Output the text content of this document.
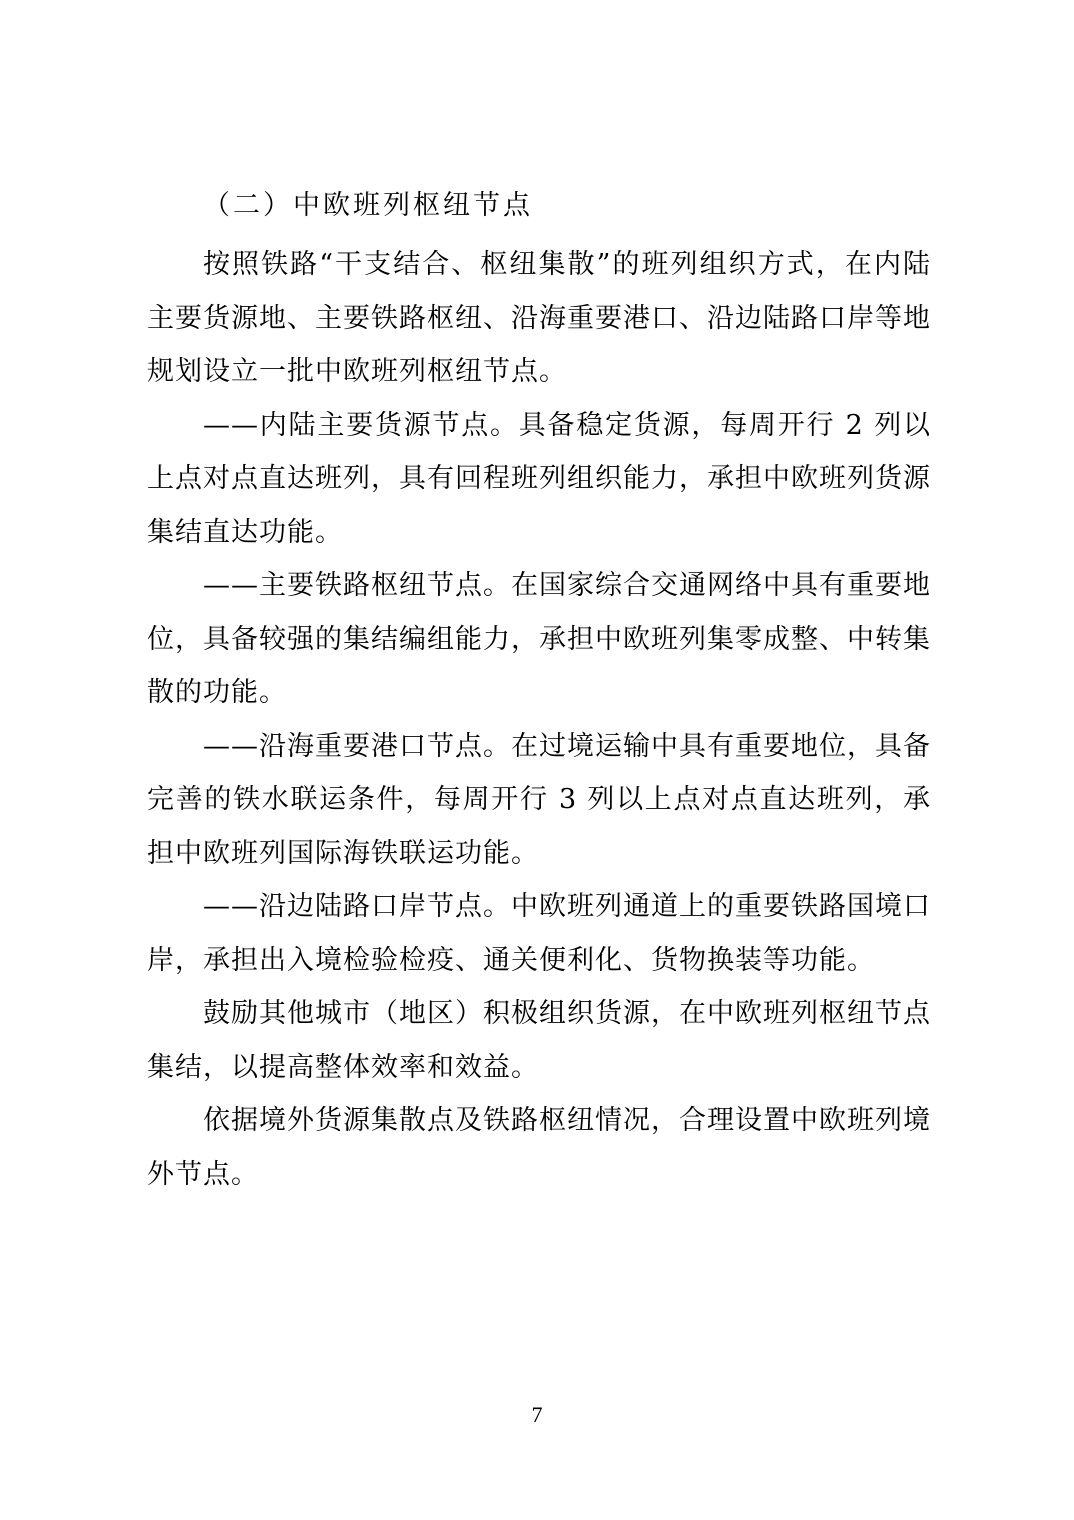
（二）中欧班列枢纽节点

按照铁路“干支结合、枢纽集散”的班列组织方式，在内陆主要货源地、主要铁路枢纽、沿海重要港口、沿边陆路口岸等地规划设立一批中欧班列枢纽节点。

——内陆主要货源节点。具备稳定货源，每周开行 2 列以上点对点直达班列，具有回程班列组织能力，承担中欧班列货源集结直达功能。

——主要铁路枢纽节点。在国家综合交通网络中具有重要地位，具备较强的集结编组能力，承担中欧班列集零成整、中转集散的功能。

——沿海重要港口节点。在过境运输中具有重要地位，具备完善的铁水联运条件，每周开行 3 列以上点对点直达班列，承担中欧班列国际海铁联运功能。

——沿边陆路口岸节点。中欧班列通道上的重要铁路国境口岸，承担出入境检验检疫、通关便利化、货物换装等功能。

鼓励其他城市（地区）积极组织货源，在中欧班列枢纽节点集结，以提高整体效率和效益。

依据境外货源集散点及铁路枢纽情况，合理设置中欧班列境外节点。

7
